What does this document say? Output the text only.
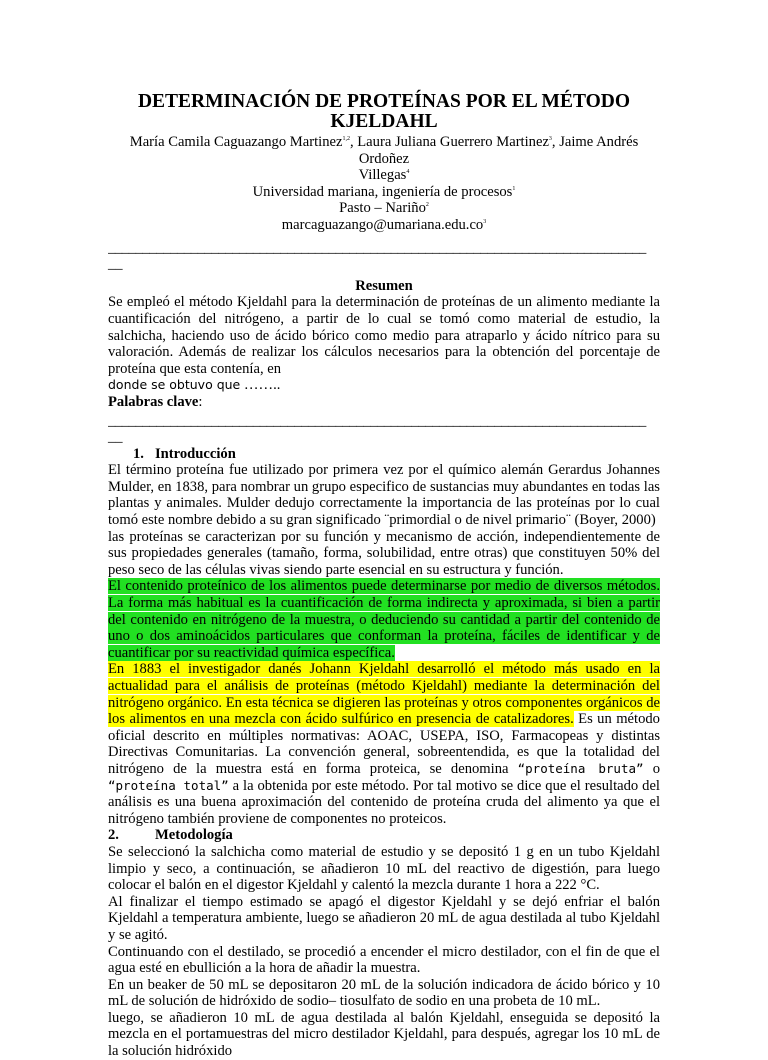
DETERMINACIÓN DE PROTEÍNAS POR EL MÉTODO KJELDAHL

María Camila Caguazango Martinez$^{1,2}$, Laura Juliana Guerrero Martinez$^3$, Jaime Andrés Ordoñez

Villegas$^4$

Universidad mariana, ingeniería de procesos$^1$

Pasto – Nariño$^2$

$marcaguazango@umariana.edu.co^3$

______________________________________________________________________________

__

Resumen

Se empleó el método Kjeldahl para la determinación de proteínas de un alimento mediante la cuantificación del nitrógeno, a partir de lo cual se tomó como material de estudio, la salchicha, haciendo uso de ácido bórico como medio para atraparlo y ácido nítrico para su valoración. Además de realizar los cálculos necesarios para la obtención del porcentaje de proteína que esta contenía, en

donde se obtuvo que ……..

Palabras clave:

______________________________________________________________________________

__

1. Introducción

El término proteína fue utilizado por primera vez por el químico alemán Gerardus Johannes Mulder, en 1838, para nombrar un grupo especifico de sustancias muy abundantes en todas las plantas y animales. Mulder dedujo correctamente la importancia de las proteínas por lo cual tomó este nombre debido a su gran significado ¨primordial o de nivel primario¨ (Boyer, 2000)

las proteínas se caracterizan por su función y mecanismo de acción, independientemente de sus propiedades generales (tamaño, forma, solubilidad, entre otras) que constituyen 50% del peso seco de las células vivas siendo parte esencial en su estructura y función.

El contenido proteínico de los alimentos puede determinarse por medio de diversos métodos. La forma más habitual es la cuantificación de forma indirecta y aproximada, si bien a partir del contenido en nitrógeno de la muestra, o deduciendo su cantidad a partir del contenido de uno o dos aminoácidos particulares que conforman la proteína, fáciles de identificar y de cuantificar por su reactividad química específica.

En 1883 el investigador danés Johann Kjeldahl desarrolló el método más usado en la actualidad para el análisis de proteínas (método Kjeldahl) mediante la determinación del nitrógeno orgánico. En esta técnica se digieren las proteínas y otros componentes orgánicos de los alimentos en una mezcla con ácido sulfúrico en presencia de catalizadores. Es un método oficial descrito en múltiples normativas: AOAC, USEPA, ISO, Farmacopeas y distintas Directivas Comunitarias. La convención general, sobreentendida, es que la totalidad del nitrógeno de la muestra está en forma proteica, se denomina “proteína bruta” o “proteína total” a la obtenida por este método. Por tal motivo se dice que el resultado del análisis es una buena aproximación del contenido de proteína cruda del alimento ya que el nitrógeno también proviene de componentes no proteicos.

2. Metodología

Se seleccionó la salchicha como material de estudio y se depositó 1 g en un tubo Kjeldahl limpio y seco, a continuación, se añadieron 10 mL del reactivo de digestión, para luego colocar el balón en el digestor Kjeldahl y calentó la mezcla durante 1 hora a 222 °C.

Al finalizar el tiempo estimado se apagó el digestor Kjeldahl y se dejó enfriar el balón Kjeldahl a temperatura ambiente, luego se añadieron 20 mL de agua destilada al tubo Kjeldahl y se agitó.

Continuando con el destilado, se procedió a encender el micro destilador, con el fin de que el agua esté en ebullición a la hora de añadir la muestra.

En un beaker de 50 mL se depositaron 20 mL de la solución indicadora de ácido bórico y 10 mL de solución de hidróxido de sodio– tiosulfato de sodio en una probeta de 10 mL.

luego, se añadieron 10 mL de agua destilada al balón Kjeldahl, enseguida se depositó la mezcla en el portamuestras del micro destilador Kjeldahl, para después, agregar los 10 mL de la solución hidróxido
